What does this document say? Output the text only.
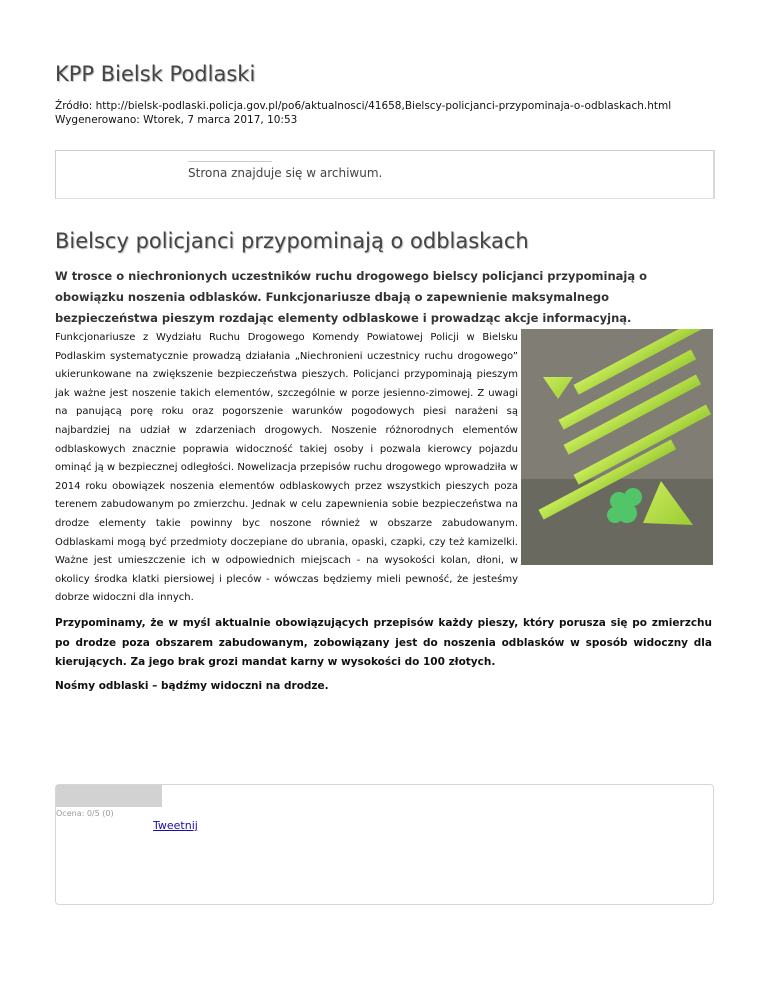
KPP Bielsk Podlaski
Źródło: http://bielsk-podlaski.policja.gov.pl/po6/aktualnosci/41658,Bielscy-policjanci-przypominaja-o-odblaskach.html
Wygenerowano: Wtorek, 7 marca 2017, 10:53
Strona znajduje się w archiwum.
Bielscy policjanci przypominają o odblaskach

W trosce o niechronionych uczestników ruchu drogowego bielscy policjanci przypominają o obowiązku noszenia odblasków. Funkcjonariusze dbają o zapewnienie maksymalnego bezpieczeństwa pieszym rozdając elementy odblaskowe i prowadząc akcje informacyjną.

Funkcjonariusze z Wydziału Ruchu Drogowego Komendy Powiatowej Policji w Bielsku Podlaskim systematycznie prowadzą działania „Niechronieni uczestnicy ruchu drogowego” ukierunkowane na zwiększenie bezpieczeństwa pieszych. Policjanci przypominają pieszym jak ważne jest noszenie takich elementów, szczególnie w porze jesienno-zimowej. Z uwagi na panującą porę roku oraz pogorszenie warunków pogodowych piesi narażeni są najbardziej na udział w zdarzeniach drogowych. Noszenie różnorodnych elementów odblaskowych znacznie poprawia widoczność takiej osoby i pozwala kierowcy pojazdu ominąć ją w bezpiecznej odległości. Nowelizacja przepisów ruchu drogowego wprowadziła w 2014 roku obowiązek noszenia elementów odblaskowych przez wszystkich pieszych poza terenem zabudowanym po zmierzchu. Jednak w celu zapewnienia sobie bezpieczeństwa na drodze elementy takie powinny byc noszone również w obszarze zabudowanym. Odblaskami mogą być przedmioty doczepiane do ubrania, opaski, czapki, czy też kamizelki. Ważne jest umieszczenie ich w odpowiednich miejscach - na wysokości kolan, dłoni, w okolicy środka klatki piersiowej i pleców - wówczas będziemy mieli pewność, że jesteśmy dobrze widoczni dla innych.

Przypominamy, że w myśl aktualnie obowiązujących przepisów każdy pieszy, który porusza się po zmierzchu po drodze poza obszarem zabudowanym, zobowiązany jest do noszenia odblasków w sposób widoczny dla kierujących. Za jego brak grozi mandat karny w wysokości do 100 złotych.

Nośmy odblaski – bądźmy widoczni na drodze.

Ocena: 0/5 (0)
Tweetnij
